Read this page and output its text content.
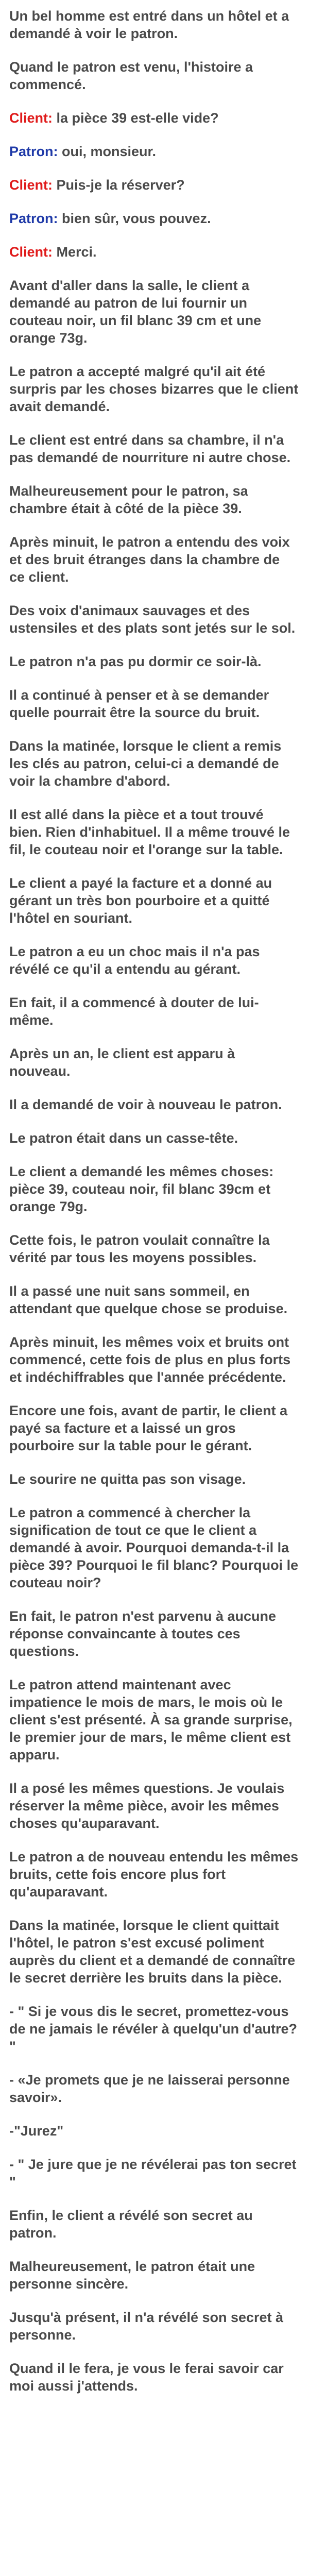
Un bel homme est entré dans un hôtel et a demandé à voir le patron.

Quand le patron est venu, l'histoire a commencé.

Client: la pièce 39 est-elle vide?

Patron: oui, monsieur.

Client: Puis-je la réserver?

Patron: bien sûr, vous pouvez.

Client: Merci.

Avant d'aller dans la salle, le client a demandé au patron de lui fournir un couteau noir, un fil blanc 39 cm et une orange 73g.

Le patron a accepté malgré qu'il ait été surpris par les choses bizarres que le client avait demandé.

Le client est entré dans sa chambre, il n'a pas demandé de nourriture ni autre chose.

Malheureusement pour le patron, sa chambre était à côté de la pièce 39.

Après minuit, le patron a entendu des voix et des bruit étranges dans la chambre de ce client.

Des voix d'animaux sauvages et des ustensiles et des plats sont jetés sur le sol.

Le patron n'a pas pu dormir ce soir-là.

Il a continué à penser et à se demander quelle pourrait être la source du bruit.

Dans la matinée, lorsque le client a remis les clés au patron, celui-ci a demandé de voir la chambre d'abord.

Il est allé dans la pièce et a tout trouvé bien. Rien d'inhabituel. Il a même trouvé le fil, le couteau noir et l'orange sur la table.

Le client a payé la facture et a donné au gérant un très bon pourboire et a quitté l'hôtel en souriant.

Le patron a eu un choc mais il n'a pas révélé ce qu'il a entendu au gérant.

En fait, il a commencé à douter de lui-même.

Après un an, le client est apparu à nouveau.

Il a demandé de voir à nouveau le patron.

Le patron était dans un casse-tête.

Le client a demandé les mêmes choses: pièce 39, couteau noir, fil blanc 39cm et orange 79g.

Cette fois, le patron voulait connaître la vérité par tous les moyens possibles.

Il a passé une nuit sans sommeil, en attendant que quelque chose se produise.

Après minuit, les mêmes voix et bruits ont commencé, cette fois de plus en plus forts et indéchiffrables que l'année précédente.

Encore une fois, avant de partir, le client a payé sa facture et a laissé un gros pourboire sur la table pour le gérant.

Le sourire ne quitta pas son visage.

Le patron a commencé à chercher la signification de tout ce que le client a demandé à avoir. Pourquoi demanda-t-il la pièce 39? Pourquoi le fil blanc? Pourquoi le couteau noir?

En fait, le patron n'est parvenu à aucune réponse convaincante à toutes ces questions.

Le patron attend maintenant avec impatience le mois de mars, le mois où le client s'est présenté. À sa grande surprise, le premier jour de mars, le même client est apparu.

Il a posé les mêmes questions. Je voulais réserver la même pièce, avoir les mêmes choses qu'auparavant.

Le patron a de nouveau entendu les mêmes bruits, cette fois encore plus fort qu'auparavant.

Dans la matinée, lorsque le client quittait l'hôtel, le patron s'est excusé poliment auprès du client et a demandé de connaître le secret derrière les bruits dans la pièce.

- " Si je vous dis le secret, promettez-vous de ne jamais le révéler à quelqu'un d'autre? "

- «Je promets que je ne laisserai personne savoir».

-"Jurez"

- " Je jure que je ne révélerai pas ton secret "

Enfin, le client a révélé son secret au patron.

Malheureusement, le patron était une personne sincère.

Jusqu'à présent, il n'a révélé son secret à personne.

Quand il le fera, je vous le ferai savoir car moi aussi j'attends.
